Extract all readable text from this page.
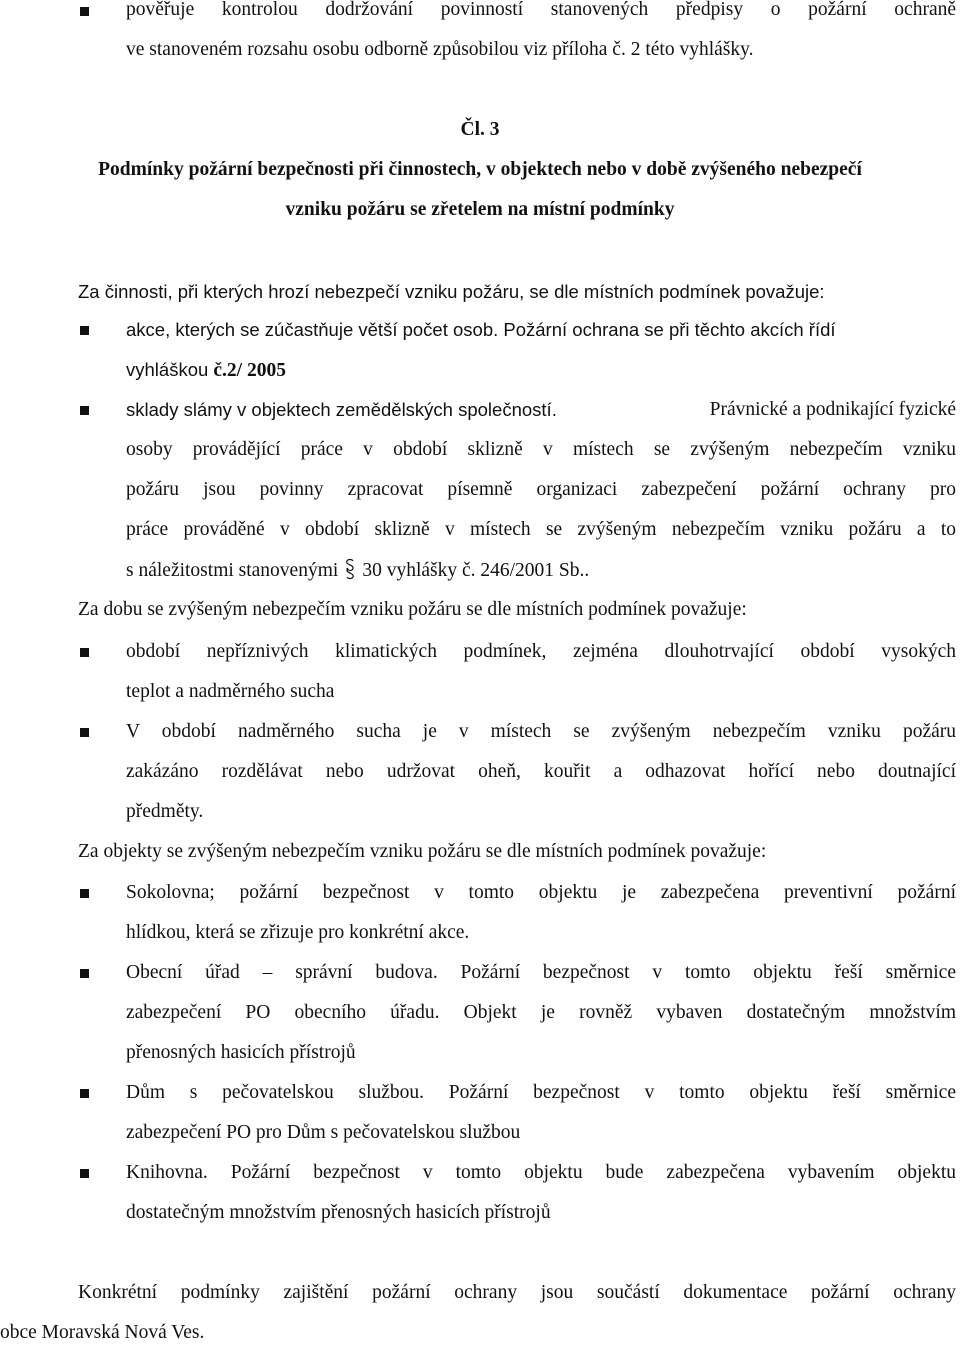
pověřuje kontrolou dodržování povinností stanovených předpisy o požární ochraně
ve stanoveném rozsahu osobu odborně způsobilou viz příloha č. 2 této vyhlášky.
Čl. 3
Podmínky požární bezpečnosti při činnostech, v objektech nebo v době zvýšeného nebezpečí
vzniku požáru se zřetelem na místní podmínky
Za činnosti, při kterých hrozí nebezpečí vzniku požáru, se dle místních podmínek považuje:
akce, kterých se zúčastňuje větší počet osob. Požární ochrana se při těchto akcích řídí
vyhláškou č.2/ 2005
sklady slámy v objektech zemědělských společností.	Právnické a podnikající fyzické
osoby provádějící práce v období sklizně v místech se zvýšeným nebezpečím vzniku
požáru jsou povinny zpracovat písemně organizaci zabezpečení požární ochrany pro
práce prováděné v období sklizně v místech se zvýšeným nebezpečím vzniku požáru a to
s náležitostmi stanovenými 30 vyhlášky č. 246/2001 Sb..
Za dobu se zvýšeným nebezpečím vzniku požáru se dle místních podmínek považuje:
období nepříznivých klimatických podmínek, zejména dlouhotrvající období vysokých
teplot a nadměrného sucha
V období nadměrného sucha je v místech se zvýšeným nebezpečím vzniku požáru
zakázáno rozdělávat nebo udržovat oheň, kouřit a odhazovat hořící nebo doutnající
předměty.
Za objekty se zvýšeným nebezpečím vzniku požáru se dle místních podmínek považuje:
Sokolovna; požární bezpečnost v tomto objektu je zabezpečena preventivní požární
hlídkou, která se zřizuje pro konkrétní akce.
Obecní úřad – správní budova. Požární bezpečnost v tomto objektu řeší směrnice
zabezpečení PO obecního úřadu. Objekt je rovněž vybaven dostatečným množstvím
přenosných hasicích přístrojů
Dům s pečovatelskou službou. Požární bezpečnost v tomto objektu řeší směrnice
zabezpečení PO pro Dům s pečovatelskou službou
Knihovna. Požární bezpečnost v tomto objektu bude zabezpečena vybavením objektu
dostatečným množstvím přenosných hasicích přístrojů
Konkrétní podmínky zajištění požární ochrany jsou součástí dokumentace požární ochrany
obce Moravská Nová Ves.
